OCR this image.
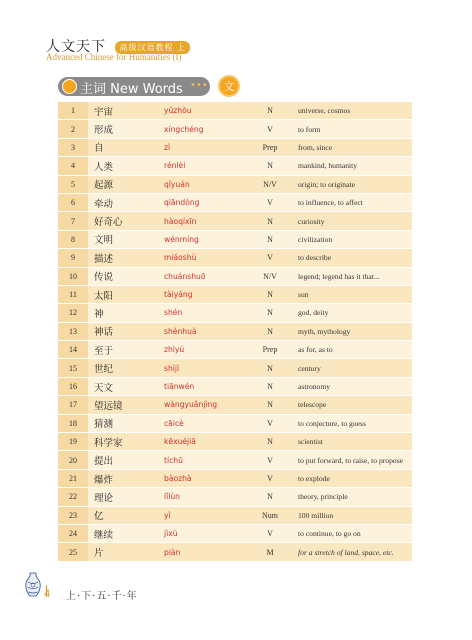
人文天下 高级汉语教程 上
Advanced Chinese for Humanities (I)
主词 New Words •••	文
1	宇宙	yǔzhòu	N	universe, cosmos
2	形成	xíngchéng	V	to form
3	自	zì	Prep	from, since
4	人类	rénlèi	N	mankind, humanity
5	起源	qǐyuán	N/V	origin; to originate
6	牵动	qiāndòng	V	to influence, to affect
7	好奇心	hàoqíxīn	N	curiosity
8	文明	wénmíng	N	civilization
9	描述	miáoshù	V	to describe
10	传说	chuánshuō	N/V	legend; legend has it that...
11	太阳	tàiyáng	N	sun
12	神	shén	N	god, deity
13	神话	shénhuà	N	myth, mythology
14	至于	zhìyú	Prep	as for, as to
15	世纪	shìjì	N	century
16	天文	tiānwén	N	astronomy
17	望远镜	wàngyuǎnjìng	N	telescope
18	猜测	cāicè	V	to conjecture, to guess
19	科学家	kēxuéjiā	N	scientist
20	提出	tíchū	V	to put forward, to raise, to propose
21	爆炸	bàozhà	V	to explode
22	理论	lǐlùn	N	theory, principle
23	亿	yì	Num	100 million
24	继续	jìxù	V	to continue, to go on
25	片	piàn	M	for a stretch of land, space, etc.
4 上·下·五·千·年
